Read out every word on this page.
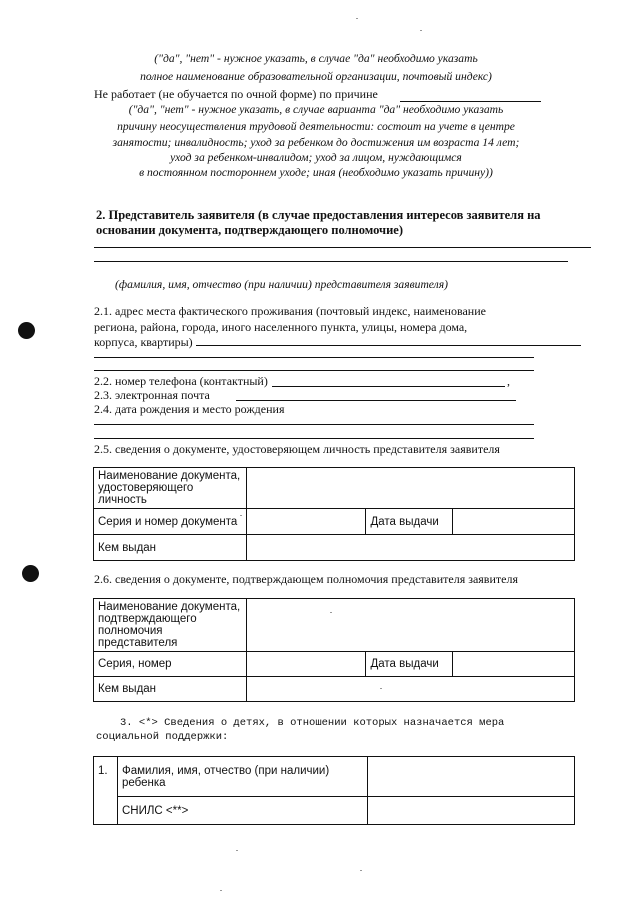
("да", "нет" - нужное указать, в случае "да" необходимо указать
полное наименование образовательной организации, почтовый индекс)
Не работает (не обучается по очной форме) по причине
("да", "нет" - нужное указать, в случае варианта "да" необходимо указать
причину неосуществления трудовой деятельности: состоит на учете в центре
занятости; инвалидность; уход за ребенком до достижения им возраста 14 лет;
уход за ребенком-инвалидом; уход за лицом, нуждающимся
в постоянном постороннем уходе; иная (необходимо указать причину))
2. Представитель заявителя (в случае предоставления интересов заявителя на
основании документа, подтверждающего полномочие)
(фамилия, имя, отчество (при наличии) представителя заявителя)
2.1. адрес места фактического проживания (почтовый индекс, наименование
региона, района, города, иного населенного пункта, улицы, номера дома,
корпуса, квартиры)
2.2. номер телефона (контактный)	,
2.3. электронная почта
2.4. дата рождения и место рождения
2.5. сведения о документе, удостоверяющем личность представителя заявителя
Наименование документа, удостоверяющего личность			
Серия и номер документа		Дата выдачи	
Кем выдан			
2.6. сведения о документе, подтверждающем полномочия представителя заявителя
Наименование документа, подтверждающего полномочия представителя			
Серия, номер		Дата выдачи	
Кем выдан			
3. <*> Сведения о детях, в отношении которых назначается мера
социальной поддержки:
1.	Фамилия, имя, отчество (при наличии) ребенка	
	СНИЛС <**>	
